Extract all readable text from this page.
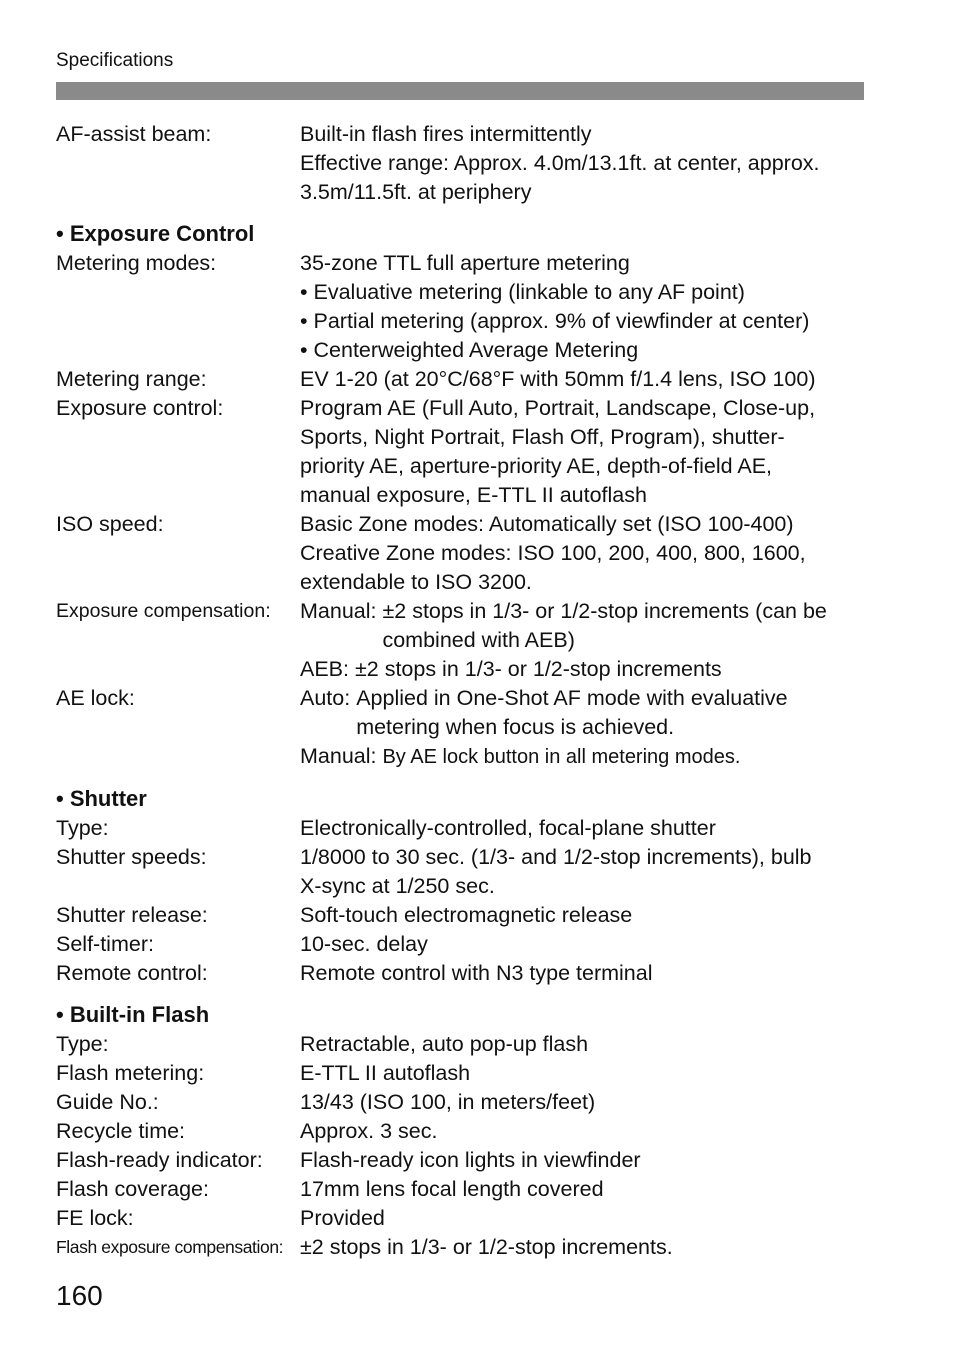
Specifications
AF-assist beam:	Built-in flash fires intermittently
Effective range: Approx. 4.0m/13.1ft. at center, approx.
3.5m/11.5ft. at periphery
• Exposure Control
Metering modes:	35-zone TTL full aperture metering
• Evaluative metering (linkable to any AF point)
• Partial metering (approx. 9% of viewfinder at center)
• Centerweighted Average Metering
Metering range:	EV 1-20 (at 20°C/68°F with 50mm f/1.4 lens, ISO 100)
Exposure control:	Program AE (Full Auto, Portrait, Landscape, Close-up,
Sports, Night Portrait, Flash Off, Program), shutter-
priority AE, aperture-priority AE, depth-of-field AE,
manual exposure, E-TTL II autoflash
ISO speed:	Basic Zone modes: Automatically set (ISO 100-400)
Creative Zone modes: ISO 100, 200, 400, 800, 1600,
extendable to ISO 3200.
Exposure compensation:	Manual: ±2 stops in 1/3- or 1/2-stop increments (can be
combined with AEB)
AEB: ±2 stops in 1/3- or 1/2-stop increments
AE lock:	Auto: Applied in One-Shot AF mode with evaluative
metering when focus is achieved.
Manual: By AE lock button in all metering modes.
• Shutter
Type:	Electronically-controlled, focal-plane shutter
Shutter speeds:	1/8000 to 30 sec. (1/3- and 1/2-stop increments), bulb
X-sync at 1/250 sec.
Shutter release:	Soft-touch electromagnetic release
Self-timer:	10-sec. delay
Remote control:	Remote control with N3 type terminal
• Built-in Flash
Type:	Retractable, auto pop-up flash
Flash metering:	E-TTL II autoflash
Guide No.:	13/43 (ISO 100, in meters/feet)
Recycle time:	Approx. 3 sec.
Flash-ready indicator:	Flash-ready icon lights in viewfinder
Flash coverage:	17mm lens focal length covered
FE lock:	Provided
Flash exposure compensation: ±2 stops in 1/3- or 1/2-stop increments.
160
